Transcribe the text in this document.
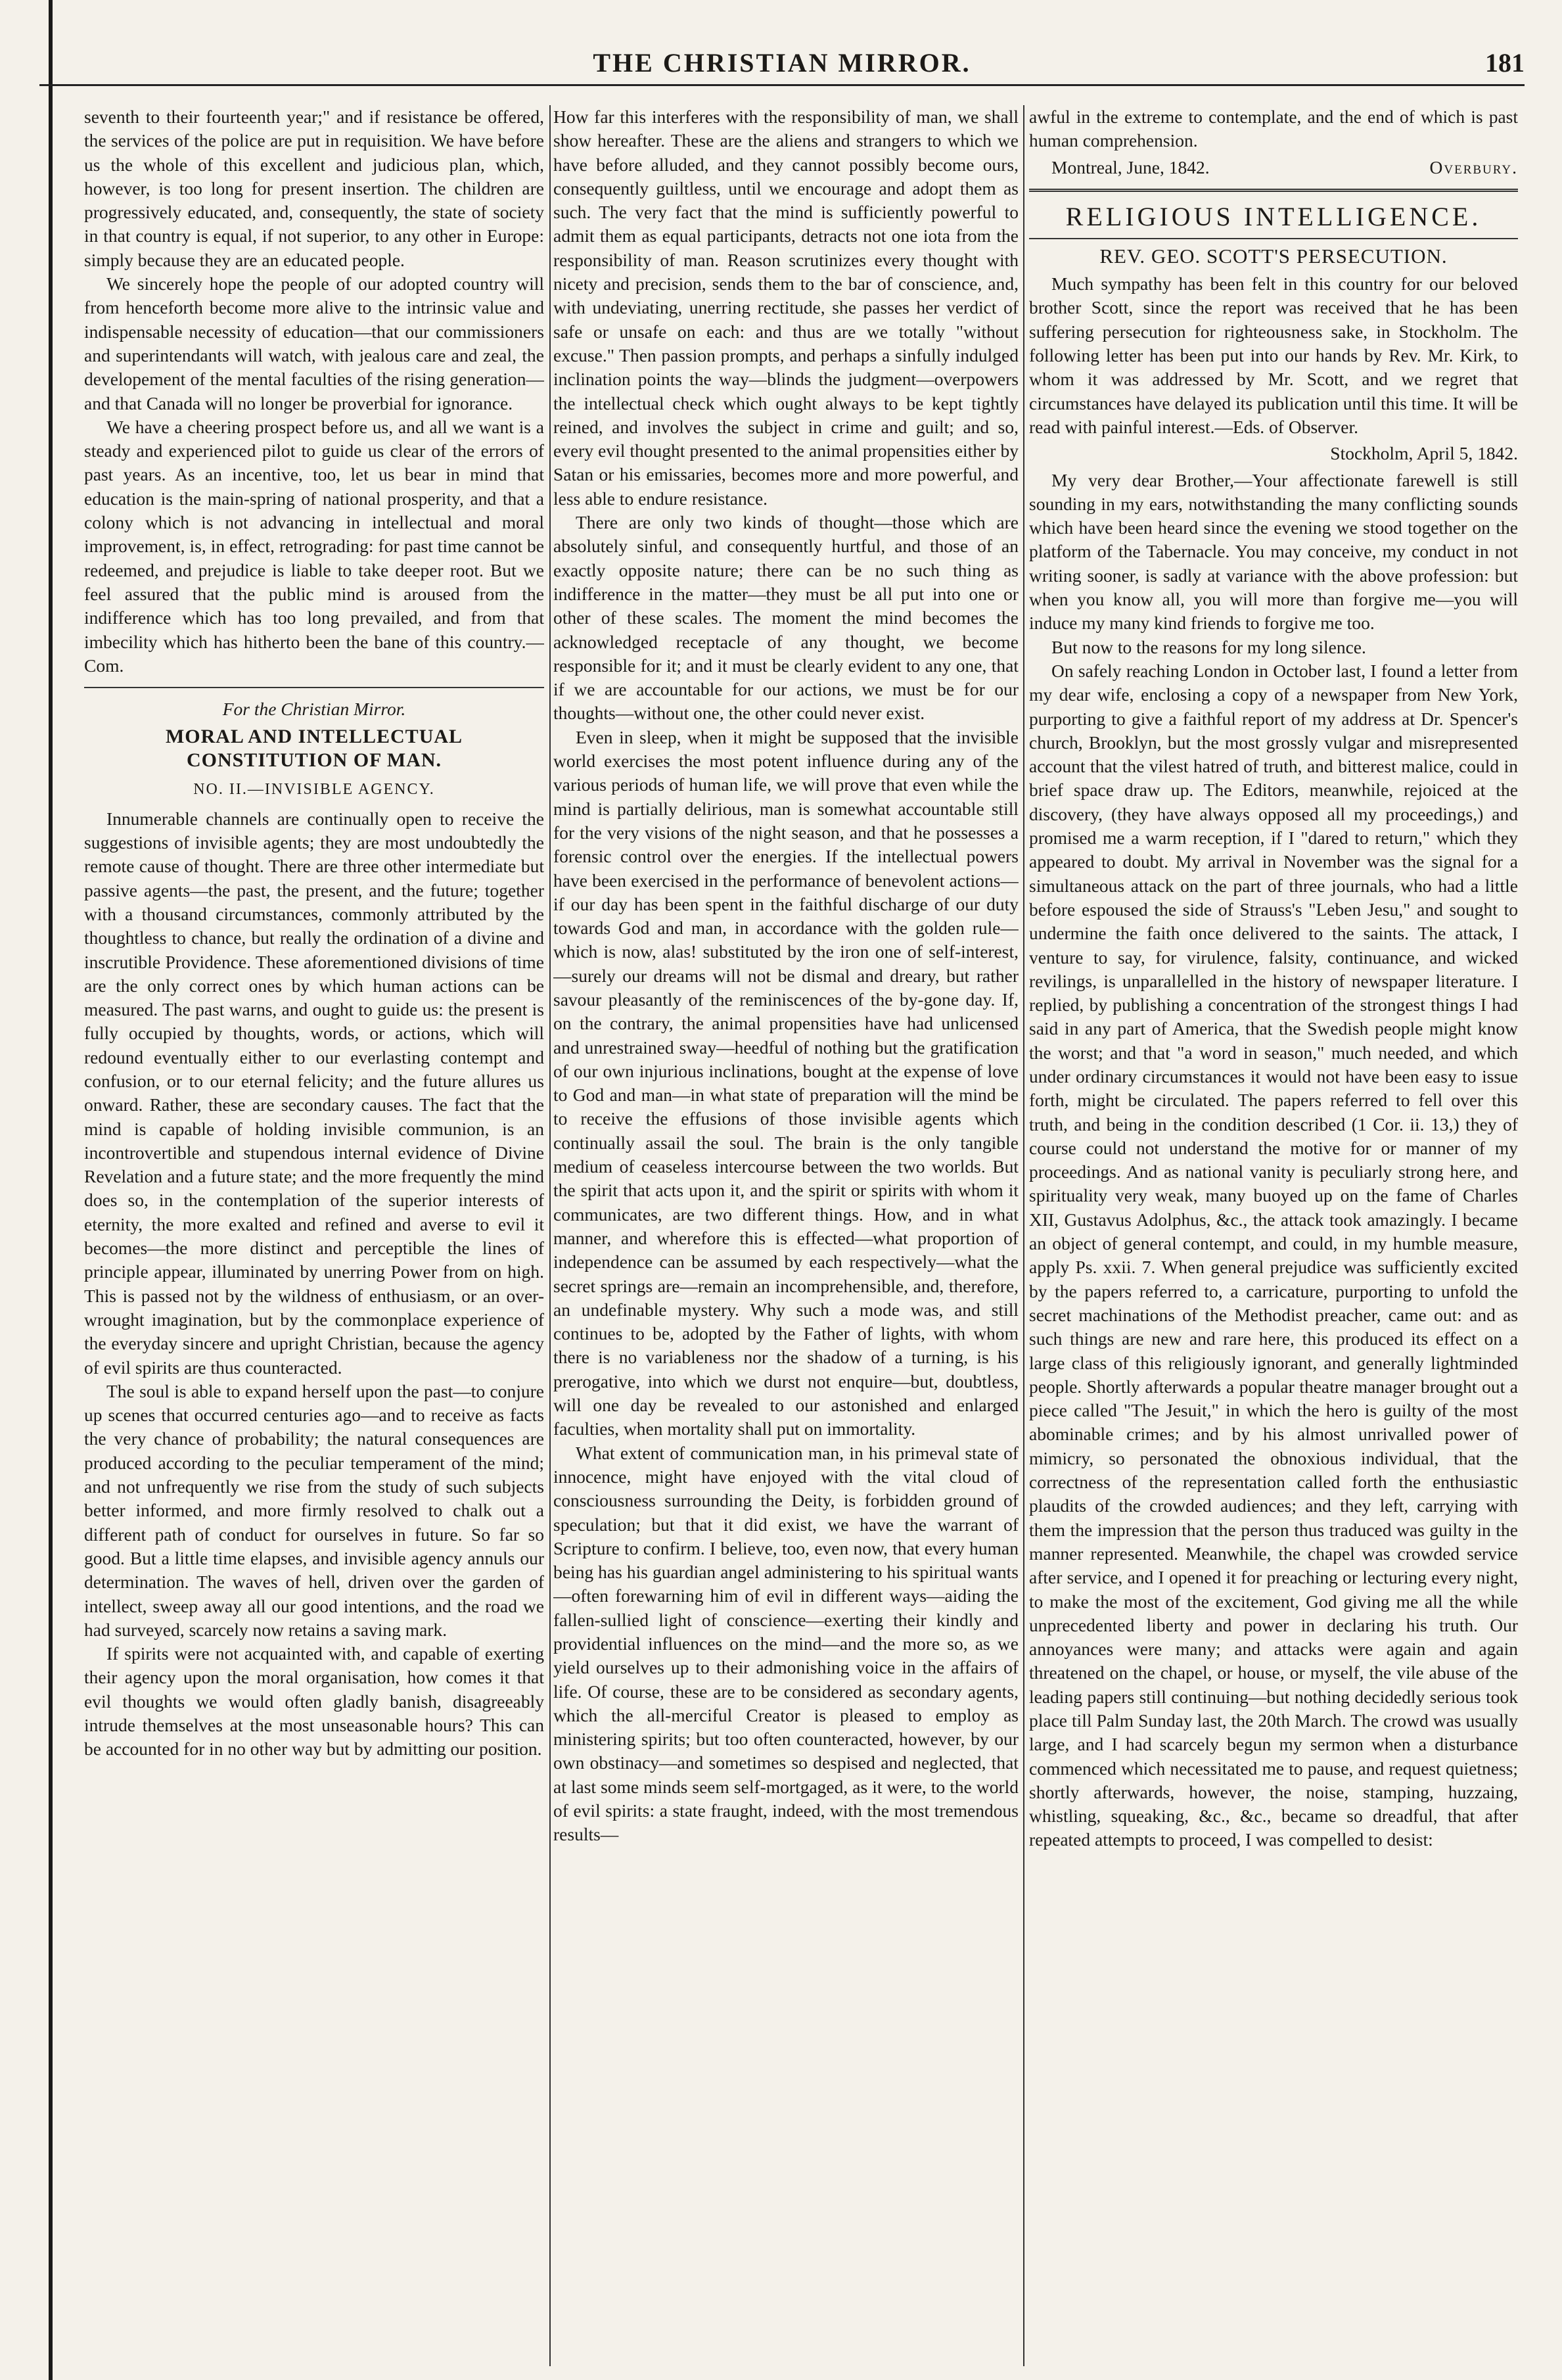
THE CHRISTIAN MIRROR.	181

seventh to their fourteenth year;" and if resistance be offered, the services of the police are put in requisition. We have before us the whole of this excellent and judicious plan, which, however, is too long for present insertion. The children are progressively educated, and, consequently, the state of society in that country is equal, if not superior, to any other in Europe: simply because they are an educated people.

We sincerely hope the people of our adopted country will from henceforth become more alive to the intrinsic value and indispensable necessity of education—that our commissioners and superintendants will watch, with jealous care and zeal, the developement of the mental faculties of the rising generation—and that Canada will no longer be proverbial for ignorance.

We have a cheering prospect before us, and all we want is a steady and experienced pilot to guide us clear of the errors of past years. As an incentive, too, let us bear in mind that education is the main-spring of national prosperity, and that a colony which is not advancing in intellectual and moral improvement, is, in effect, retrograding: for past time cannot be redeemed, and prejudice is liable to take deeper root. But we feel assured that the public mind is aroused from the indifference which has too long prevailed, and from that imbecility which has hitherto been the bane of this country.—Com.

For the Christian Mirror.
MORAL AND INTELLECTUAL CONSTITUTION OF MAN.
NO. II.—INVISIBLE AGENCY.

Innumerable channels are continually open to receive the suggestions of invisible agents; they are most undoubtedly the remote cause of thought. There are three other intermediate but passive agents—the past, the present, and the future; together with a thousand circumstances, commonly attributed by the thoughtless to chance, but really the ordination of a divine and inscrutible Providence. These aforementioned divisions of time are the only correct ones by which human actions can be measured. The past warns, and ought to guide us: the present is fully occupied by thoughts, words, or actions, which will redound eventually either to our everlasting contempt and confusion, or to our eternal felicity; and the future allures us onward. Rather, these are secondary causes. The fact that the mind is capable of holding invisible communion, is an incontrovertible and stupendous internal evidence of Divine Revelation and a future state; and the more frequently the mind does so, in the contemplation of the superior interests of eternity, the more exalted and refined and averse to evil it becomes—the more distinct and perceptible the lines of principle appear, illuminated by unerring Power from on high. This is passed not by the wildness of enthusiasm, or an over-wrought imagination, but by the commonplace experience of the everyday sincere and upright Christian, because the agency of evil spirits are thus counteracted.

The soul is able to expand herself upon the past—to conjure up scenes that occurred centuries ago—and to receive as facts the very chance of probability; the natural consequences are produced according to the peculiar temperament of the mind; and not unfrequently we rise from the study of such subjects better informed, and more firmly resolved to chalk out a different path of conduct for ourselves in future. So far so good. But a little time elapses, and invisible agency annuls our determination. The waves of hell, driven over the garden of intellect, sweep away all our good intentions, and the road we had surveyed, scarcely now retains a saving mark.

If spirits were not acquainted with, and capable of exerting their agency upon the moral organisation, how comes it that evil thoughts we would often gladly banish, disagreeably intrude themselves at the most unseasonable hours? This can be accounted for in no other way but by admitting our position.

How far this interferes with the responsibility of man, we shall show hereafter. These are the aliens and strangers to which we have before alluded, and they cannot possibly become ours, consequently guiltless, until we encourage and adopt them as such. The very fact that the mind is sufficiently powerful to admit them as equal participants, detracts not one iota from the responsibility of man. Reason scrutinizes every thought with nicety and precision, sends them to the bar of conscience, and, with undeviating, unerring rectitude, she passes her verdict of safe or unsafe on each: and thus are we totally "without excuse." Then passion prompts, and perhaps a sinfully indulged inclination points the way—blinds the judgment—overpowers the intellectual check which ought always to be kept tightly reined, and involves the subject in crime and guilt; and so, every evil thought presented to the animal propensities either by Satan or his emissaries, becomes more and more powerful, and less able to endure resistance.

There are only two kinds of thought—those which are absolutely sinful, and consequently hurtful, and those of an exactly opposite nature; there can be no such thing as indifference in the matter—they must be all put into one or other of these scales. The moment the mind becomes the acknowledged receptacle of any thought, we become responsible for it; and it must be clearly evident to any one, that if we are accountable for our actions, we must be for our thoughts—without one, the other could never exist.

Even in sleep, when it might be supposed that the invisible world exercises the most potent influence during any of the various periods of human life, we will prove that even while the mind is partially delirious, man is somewhat accountable still for the very visions of the night season, and that he possesses a forensic control over the energies. If the intellectual powers have been exercised in the performance of benevolent actions—if our day has been spent in the faithful discharge of our duty towards God and man, in accordance with the golden rule—which is now, alas! substituted by the iron one of self-interest,—surely our dreams will not be dismal and dreary, but rather savour pleasantly of the reminiscences of the by-gone day. If, on the contrary, the animal propensities have had unlicensed and unrestrained sway—heedful of nothing but the gratification of our own injurious inclinations, bought at the expense of love to God and man—in what state of preparation will the mind be to receive the effusions of those invisible agents which continually assail the soul. The brain is the only tangible medium of ceaseless intercourse between the two worlds. But the spirit that acts upon it, and the spirit or spirits with whom it communicates, are two different things. How, and in what manner, and wherefore this is effected—what proportion of independence can be assumed by each respectively—what the secret springs are—remain an incomprehensible, and, therefore, an undefinable mystery. Why such a mode was, and still continues to be, adopted by the Father of lights, with whom there is no variableness nor the shadow of a turning, is his prerogative, into which we durst not enquire—but, doubtless, will one day be revealed to our astonished and enlarged faculties, when mortality shall put on immortality.

What extent of communication man, in his primeval state of innocence, might have enjoyed with the vital cloud of consciousness surrounding the Deity, is forbidden ground of speculation; but that it did exist, we have the warrant of Scripture to confirm. I believe, too, even now, that every human being has his guardian angel administering to his spiritual wants—often forewarning him of evil in different ways—aiding the fallen-sullied light of conscience—exerting their kindly and providential influences on the mind—and the more so, as we yield ourselves up to their admonishing voice in the affairs of life. Of course, these are to be considered as secondary agents, which the all-merciful Creator is pleased to employ as ministering spirits; but too often counteracted, however, by our own obstinacy—and sometimes so despised and neglected, that at last some minds seem self-mortgaged, as it were, to the world of evil spirits: a state fraught, indeed, with the most tremendous results—

awful in the extreme to contemplate, and the end of which is past human comprehension.

Montreal, June, 1842.	Overbury.
RELIGIOUS INTELLIGENCE.
REV. GEO. SCOTT'S PERSECUTION.

Much sympathy has been felt in this country for our beloved brother Scott, since the report was received that he has been suffering persecution for righteousness sake, in Stockholm. The following letter has been put into our hands by Rev. Mr. Kirk, to whom it was addressed by Mr. Scott, and we regret that circumstances have delayed its publication until this time. It will be read with painful interest.—Eds. of Observer.

Stockholm, April 5, 1842.

My very dear Brother,—Your affectionate farewell is still sounding in my ears, notwithstanding the many conflicting sounds which have been heard since the evening we stood together on the platform of the Tabernacle. You may conceive, my conduct in not writing sooner, is sadly at variance with the above profession: but when you know all, you will more than forgive me—you will induce my many kind friends to forgive me too.

But now to the reasons for my long silence.

On safely reaching London in October last, I found a letter from my dear wife, enclosing a copy of a newspaper from New York, purporting to give a faithful report of my address at Dr. Spencer's church, Brooklyn, but the most grossly vulgar and misrepresented account that the vilest hatred of truth, and bitterest malice, could in brief space draw up. The Editors, meanwhile, rejoiced at the discovery, (they have always opposed all my proceedings,) and promised me a warm reception, if I "dared to return," which they appeared to doubt. My arrival in November was the signal for a simultaneous attack on the part of three journals, who had a little before espoused the side of Strauss's "Leben Jesu," and sought to undermine the faith once delivered to the saints. The attack, I venture to say, for virulence, falsity, continuance, and wicked revilings, is unparallelled in the history of newspaper literature. I replied, by publishing a concentration of the strongest things I had said in any part of America, that the Swedish people might know the worst; and that "a word in season," much needed, and which under ordinary circumstances it would not have been easy to issue forth, might be circulated. The papers referred to fell over this truth, and being in the condition described (1 Cor. ii. 13,) they of course could not understand the motive for or manner of my proceedings. And as national vanity is peculiarly strong here, and spirituality very weak, many buoyed up on the fame of Charles XII, Gustavus Adolphus, &c., the attack took amazingly. I became an object of general contempt, and could, in my humble measure, apply Ps. xxii. 7. When general prejudice was sufficiently excited by the papers referred to, a carricature, purporting to unfold the secret machinations of the Methodist preacher, came out: and as such things are new and rare here, this produced its effect on a large class of this religiously ignorant, and generally lightminded people. Shortly afterwards a popular theatre manager brought out a piece called "The Jesuit," in which the hero is guilty of the most abominable crimes; and by his almost unrivalled power of mimicry, so personated the obnoxious individual, that the correctness of the representation called forth the enthusiastic plaudits of the crowded audiences; and they left, carrying with them the impression that the person thus traduced was guilty in the manner represented. Meanwhile, the chapel was crowded service after service, and I opened it for preaching or lecturing every night, to make the most of the excitement, God giving me all the while unprecedented liberty and power in declaring his truth. Our annoyances were many; and attacks were again and again threatened on the chapel, or house, or myself, the vile abuse of the leading papers still continuing—but nothing decidedly serious took place till Palm Sunday last, the 20th March. The crowd was usually large, and I had scarcely begun my sermon when a disturbance commenced which necessitated me to pause, and request quietness; shortly afterwards, however, the noise, stamping, huzzaing, whistling, squeaking, &c., &c., became so dreadful, that after repeated attempts to proceed, I was compelled to desist:
